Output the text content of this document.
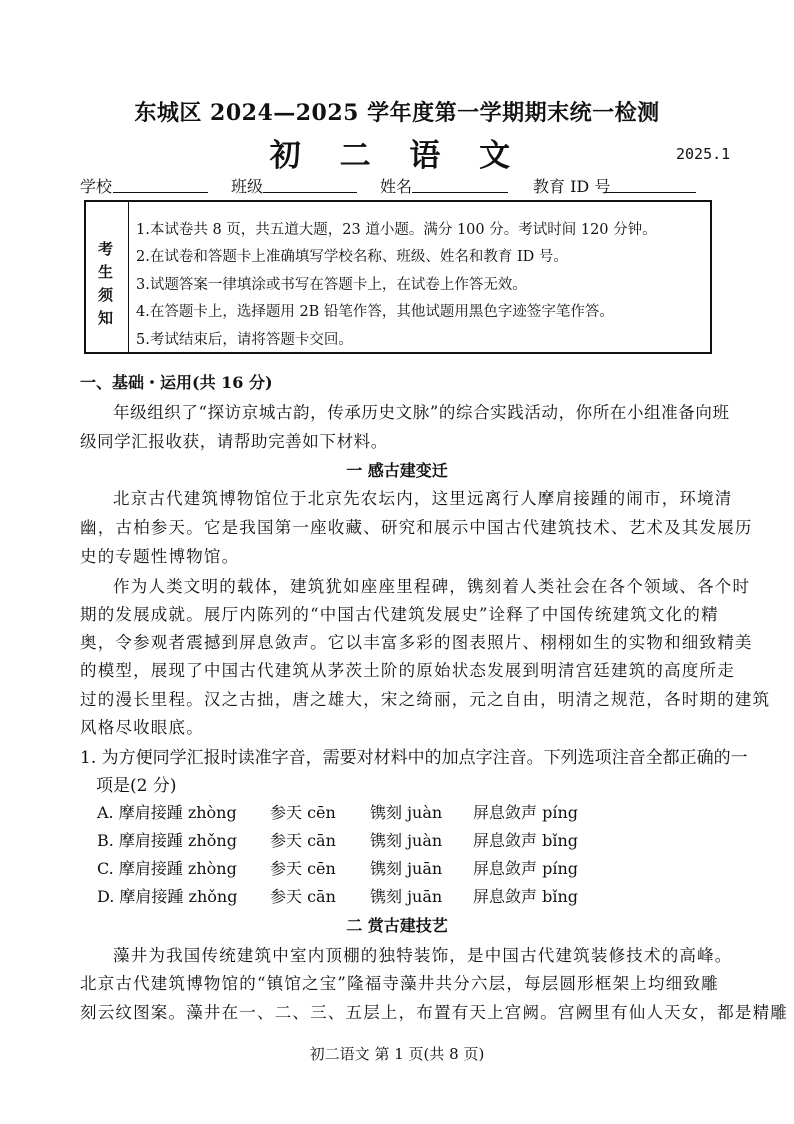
东城区 2024—2025 学年度第一学期期末统一检测
初 二 语 文	2025.1
学校	班级	姓名	教育 ID 号
考
生
须
知
1.本试卷共 8 页，共五道大题，23 道小题。满分 100 分。考试时间 120 分钟。
2.在试卷和答题卡上准确填写学校名称、班级、姓名和教育 ID 号。
3.试题答案一律填涂或书写在答题卡上，在试卷上作答无效。
4.在答题卡上，选择题用 2B 铅笔作答，其他试题用黑色字迹签字笔作答。
5.考试结束后，请将答题卡交回。
一、基础・运用(共 16 分)
年级组织了“探访京城古韵，传承历史文脉”的综合实践活动，你所在小组准备向班
级同学汇报收获，请帮助完善如下材料。
一 感古建变迁
北京古代建筑博物馆位于北京先农坛内，这里远离行人摩肩接踵的闹市，环境清
幽，古柏参天。它是我国第一座收藏、研究和展示中国古代建筑技术、艺术及其发展历
史的专题性博物馆。
作为人类文明的载体，建筑犹如座座里程碑，镌刻着人类社会在各个领域、各个时
期的发展成就。展厅内陈列的“中国古代建筑发展史”诠释了中国传统建筑文化的精
奥，令参观者震撼到屏息敛声。它以丰富多彩的图表照片、栩栩如生的实物和细致精美
的模型，展现了中国古代建筑从茅茨土阶的原始状态发展到明清宫廷建筑的高度所走
过的漫长里程。汉之古拙，唐之雄大，宋之绮丽，元之自由，明清之规范，各时期的建筑
风格尽收眼底。
1. 为方便同学汇报时读准字音，需要对材料中的加点字注音。下列选项注音全都正确的一
项是(2 分)
A. 摩肩接踵 zhòng 参天 cēn 镌刻 juàn 屏息敛声 píng
B. 摩肩接踵 zhǒng 参天 cān 镌刻 juàn 屏息敛声 bǐng
C. 摩肩接踵 zhòng 参天 cēn 镌刻 juān 屏息敛声 píng
D. 摩肩接踵 zhǒng 参天 cān 镌刻 juān 屏息敛声 bǐng
二 赏古建技艺
藻井为我国传统建筑中室内顶棚的独特装饰，是中国古代建筑装修技术的高峰。
北京古代建筑博物馆的“镇馆之宝”隆福寺藻井共分六层，每层圆形框架上均细致雕
刻云纹图案。藻井在一、二、三、五层上，布置有天上宫阙。宫阙里有仙人天女，都是精雕
初二语文 第 1 页(共 8 页)
